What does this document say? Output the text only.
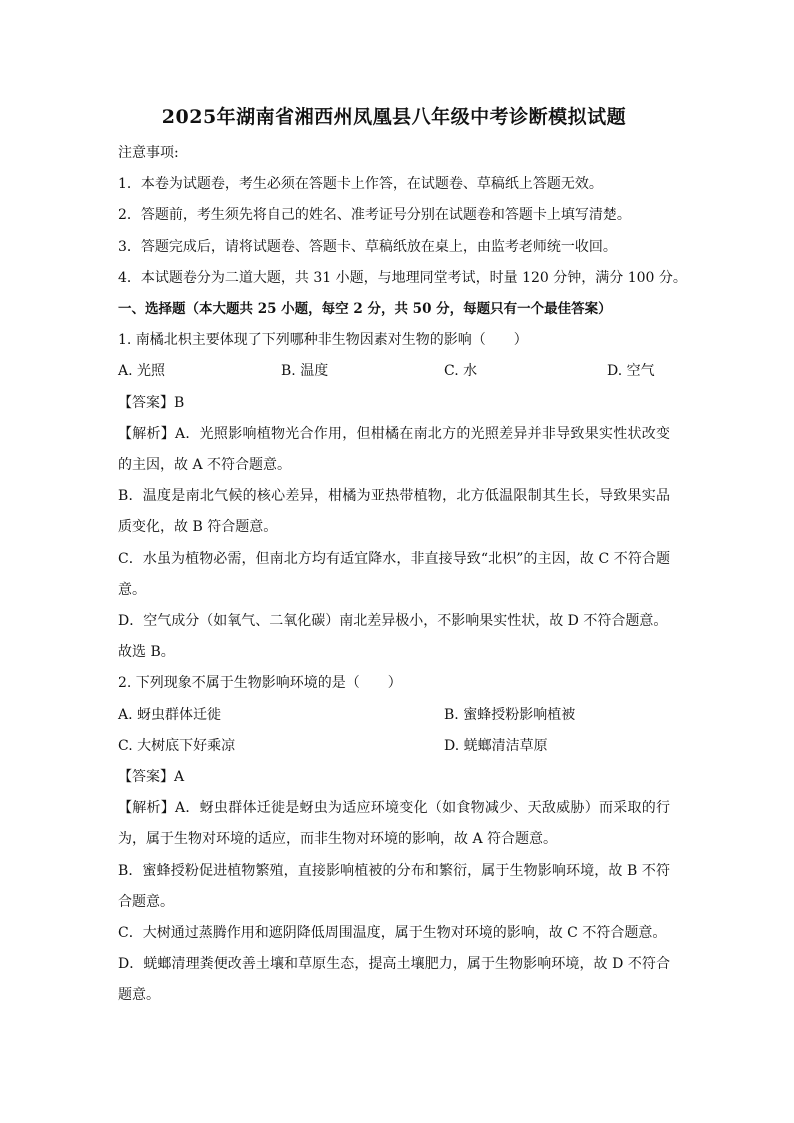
2025年湖南省湘西州凤凰县八年级中考诊断模拟试题
注意事项:
1．本卷为试题卷，考生必须在答题卡上作答，在试题卷、草稿纸上答题无效。
2．答题前，考生须先将自己的姓名、准考证号分别在试题卷和答题卡上填写清楚。
3．答题完成后，请将试题卷、答题卡、草稿纸放在桌上，由监考老师统一收回。
4．本试题卷分为二道大题，共 31 小题，与地理同堂考试，时量 120 分钟，满分 100 分。
一、选择题（本大题共 25 小题，每空 2 分，共 50 分，每题只有一个最佳答案）
1. 南橘北枳主要体现了下列哪种非生物因素对生物的影响（　　）
A. 光照	B. 温度	C. 水	D. 空气
【答案】B
【解析】A．光照影响植物光合作用，但柑橘在南北方的光照差异并非导致果实性状改变的主因，故 A 不符合题意。
B．温度是南北气候的核心差异，柑橘为亚热带植物，北方低温限制其生长，导致果实品质变化，故 B 符合题意。
C．水虽为植物必需，但南北方均有适宜降水，非直接导致“北枳”的主因，故 C 不符合题意。
D．空气成分（如氧气、二氧化碳）南北差异极小，不影响果实性状，故 D 不符合题意。
故选 B。
2. 下列现象不属于生物影响环境的是（　　）
A. 蚜虫群体迁徙	B. 蜜蜂授粉影响植被
C. 大树底下好乘凉	D. 蜣螂清洁草原
【答案】A
【解析】A．蚜虫群体迁徙是蚜虫为适应环境变化（如食物减少、天敌威胁）而采取的行为，属于生物对环境的适应，而非生物对环境的影响，故 A 符合题意。
B．蜜蜂授粉促进植物繁殖，直接影响植被的分布和繁衍，属于生物影响环境，故 B 不符合题意。
C．大树通过蒸腾作用和遮阴降低周围温度，属于生物对环境的影响，故 C 不符合题意。
D．蜣螂清理粪便改善土壤和草原生态，提高土壤肥力，属于生物影响环境，故 D 不符合题意。
